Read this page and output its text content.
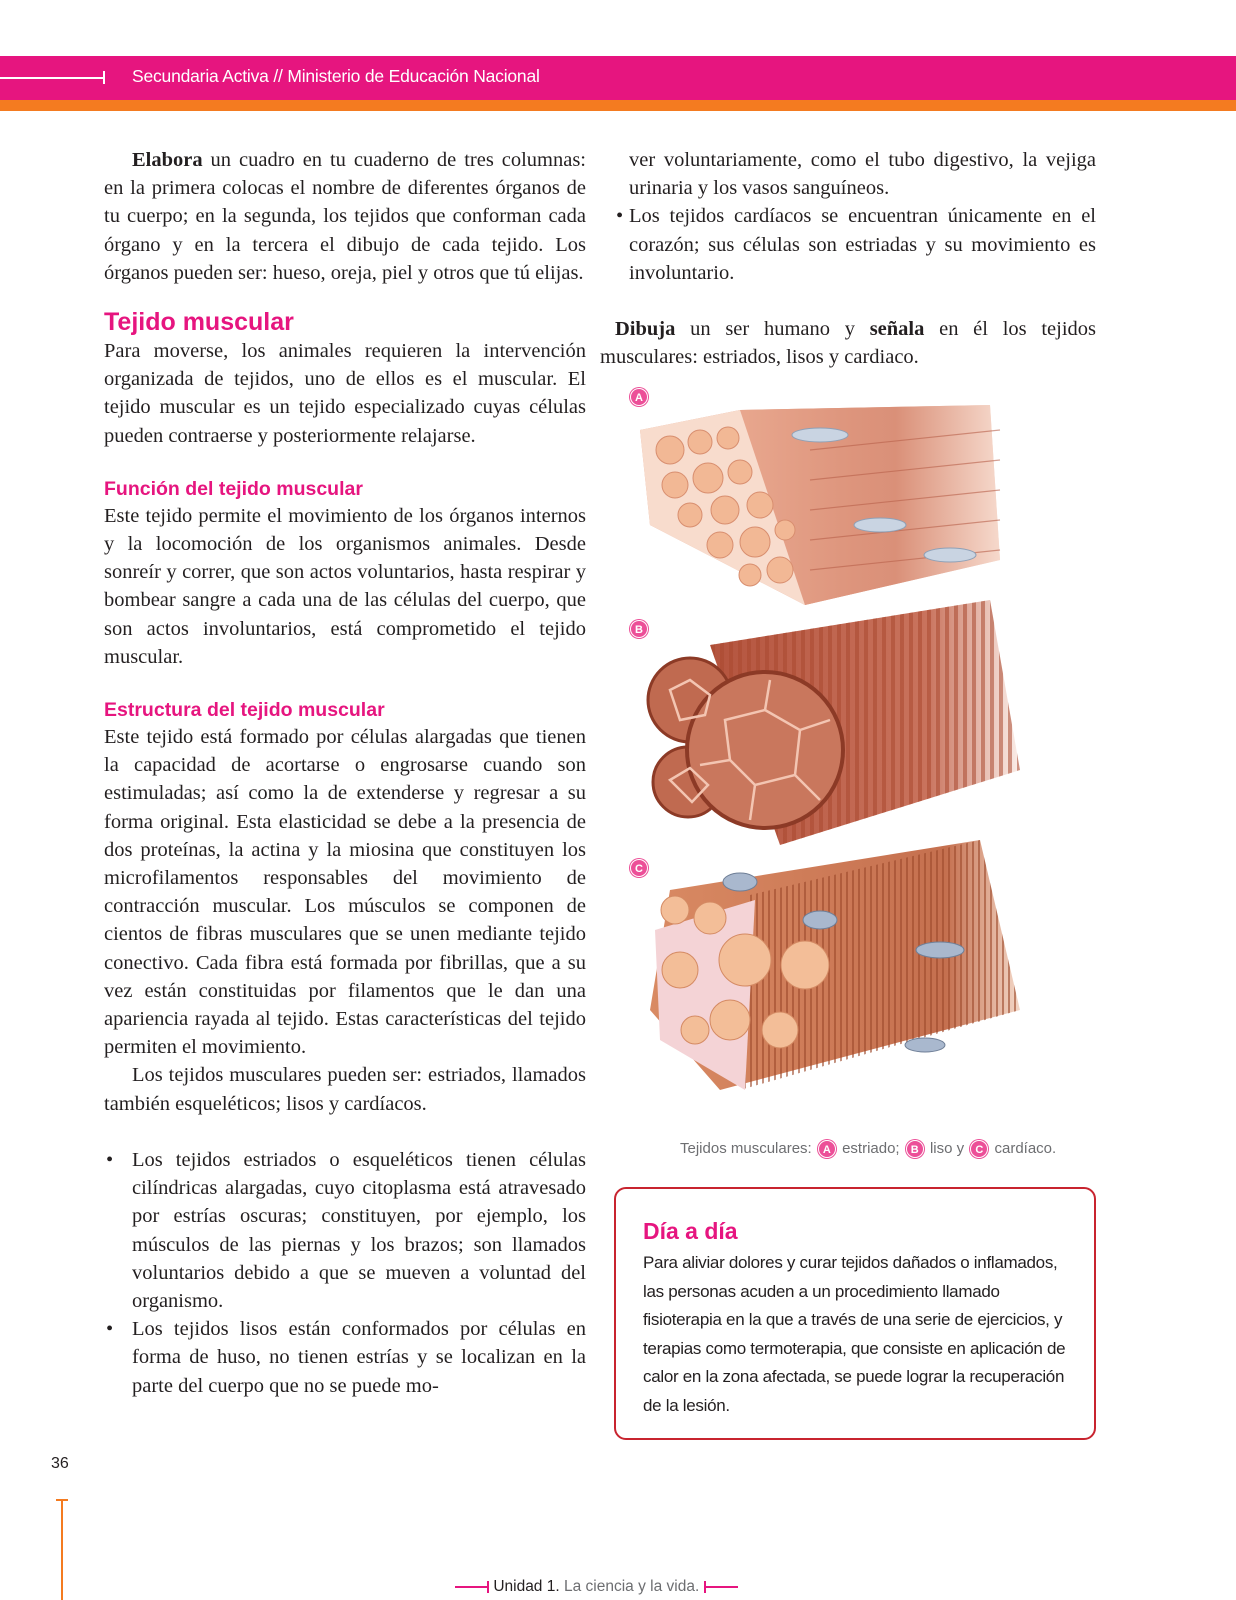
Secundaria Activa // Ministerio de Educación Nacional

Elabora un cuadro en tu cuaderno de tres columnas: en la primera colocas el nombre de diferentes órganos de tu cuerpo; en la segunda, los tejidos que conforman cada órgano y en la tercera el dibujo de cada tejido. Los órganos pueden ser: hueso, oreja, piel y otros que tú elijas.

Tejido muscular

Para moverse, los animales requieren la intervención organizada de tejidos, uno de ellos es el muscular. El tejido muscular es un tejido especializado cuyas células pueden contraerse y posteriormente relajarse.

Función del tejido muscular

Este tejido permite el movimiento de los órganos internos y la locomoción de los organismos animales. Desde sonreír y correr, que son actos voluntarios, hasta respirar y bombear sangre a cada una de las células del cuerpo, que son actos involuntarios, está comprometido el tejido muscular.

Estructura del tejido muscular

Este tejido está formado por células alargadas que tienen la capacidad de acortarse o engrosarse cuando son estimuladas; así como la de extenderse y regresar a su forma original. Esta elasticidad se debe a la presencia de dos proteínas, la actina y la miosina que constituyen los microfilamentos responsables del movimiento de contracción muscular. Los músculos se componen de cientos de fibras musculares que se unen mediante tejido conectivo. Cada fibra está formada por fibrillas, que a su vez están constituidas por filamentos que le dan una apariencia rayada al tejido. Estas características del tejido permiten el movimiento.

Los tejidos musculares pueden ser: estriados, llamados también esqueléticos; lisos y cardíacos.

• Los tejidos estriados o esqueléticos tienen células cilíndricas alargadas, cuyo citoplasma está atravesado por estrías oscuras; constituyen, por ejemplo, los músculos de las piernas y los brazos; son llamados voluntarios debido a que se mueven a voluntad del organismo.
• Los tejidos lisos están conformados por células en forma de huso, no tienen estrías y se localizan en la parte del cuerpo que no se puede mo-

ver voluntariamente, como el tubo digestivo, la vejiga urinaria y los vasos sanguíneos.

• Los tejidos cardíacos se encuentran únicamente en el corazón; sus células son estriadas y su movimiento es involuntario.

Dibuja un ser humano y señala en él los tejidos musculares: estriados, lisos y cardiaco.

A
B
C
Tejidos musculares: A estriado; B liso y C cardíaco.
Día a día

Para aliviar dolores y curar tejidos dañados o inflamados, las personas acuden a un procedimiento llamado fisioterapia en la que a través de una serie de ejercicios, y terapias como termoterapia, que consiste en aplicación de calor en la zona afectada, se puede lograr la recuperación de la lesión.

36
Unidad 1. La ciencia y la vida.
